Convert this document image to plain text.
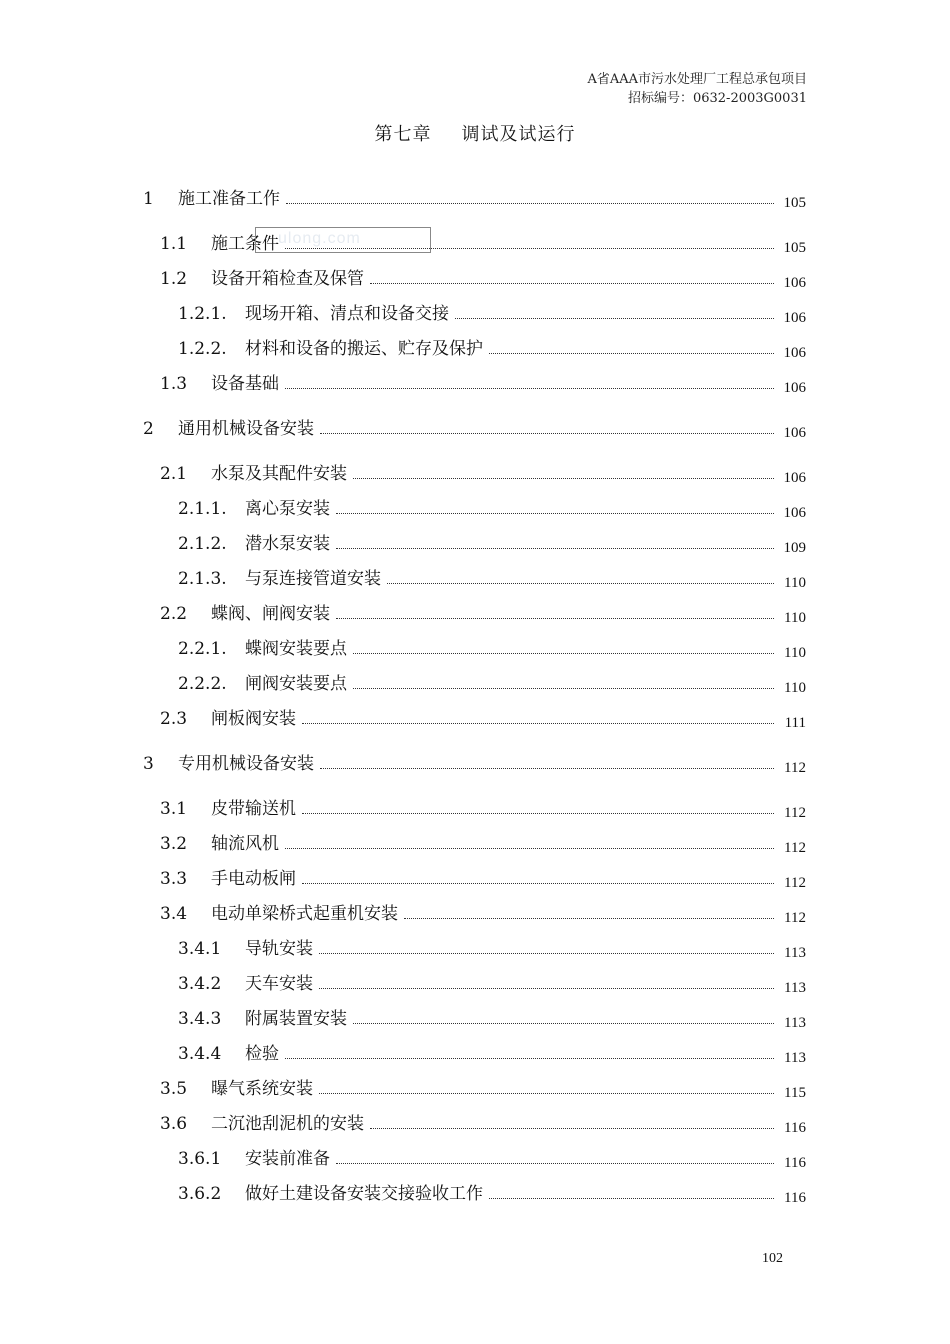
A省AAA市污水处理厂工程总承包项目
招标编号：0632-2003G0031
第七章 调试及试运行
1	施工准备工作	105
1.1	施工条件	105
1.2	设备开箱检查及保管	106
1.2.1.	现场开箱、清点和设备交接	106
1.2.2.	材料和设备的搬运、贮存及保护	106
1.3	设备基础	106
2	通用机械设备安装	106
2.1	水泵及其配件安装	106
2.1.1.	离心泵安装	106
2.1.2.	潜水泵安装	109
2.1.3.	与泵连接管道安装	110
2.2	蝶阀、闸阀安装	110
2.2.1.	蝶阀安装要点	110
2.2.2.	闸阀安装要点	110
2.3	闸板阀安装	111
3	专用机械设备安装	112
3.1	皮带输送机	112
3.2	轴流风机	112
3.3	手电动板闸	112
3.4	电动单梁桥式起重机安装	112
3.4.1	导轨安装	113
3.4.2	天车安装	113
3.4.3	附属装置安装	113
3.4.4	检验	113
3.5	曝气系统安装	115
3.6	二沉池刮泥机的安装	116
3.6.1	安装前准备	116
3.6.2	做好土建设备安装交接验收工作	116
ulong.com
102
